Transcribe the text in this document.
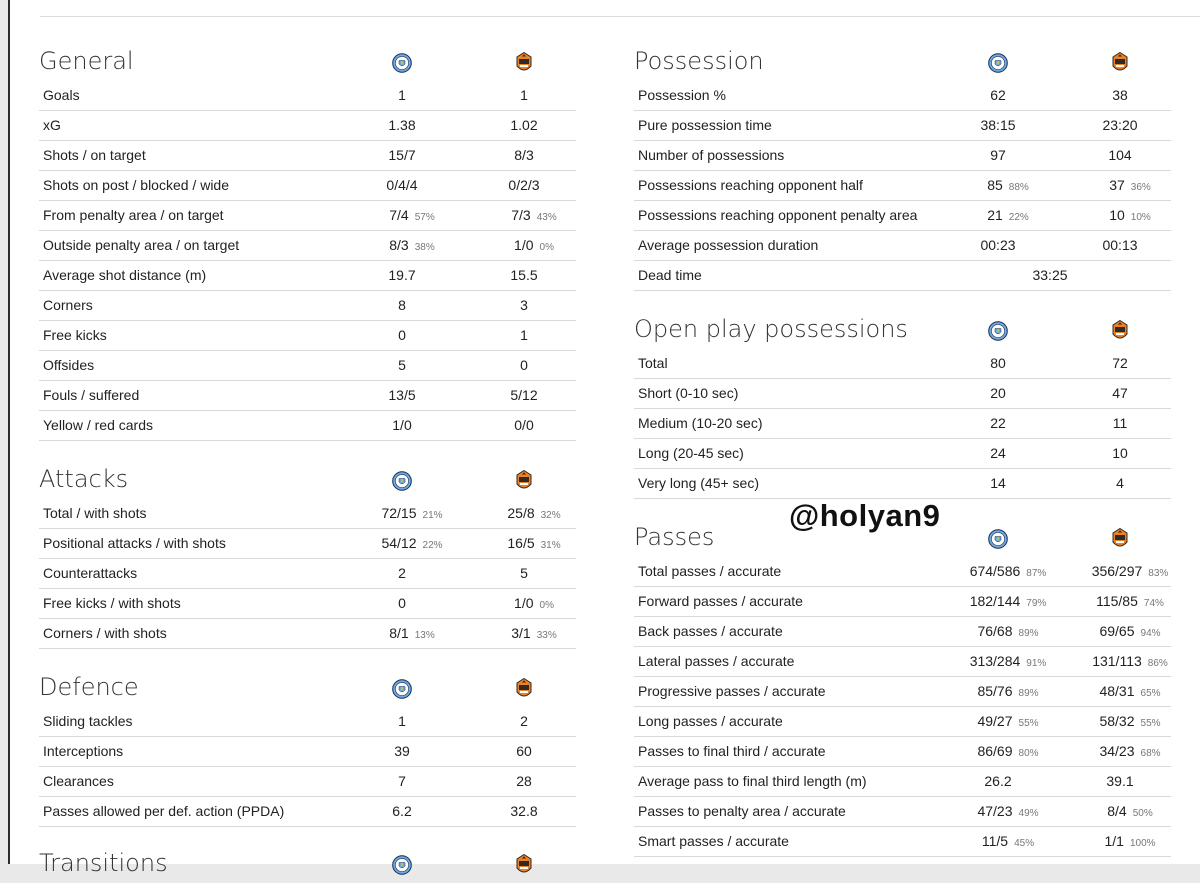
General
Goals	1	1
xG	1.38	1.02
Shots / on target	15/7	8/3
Shots on post / blocked / wide	0/4/4	0/2/3
From penalty area / on target	7/4 57%	7/3 43%
Outside penalty area / on target	8/3 38%	1/0 0%
Average shot distance (m)	19.7	15.5
Corners	8	3
Free kicks	0	1
Offsides	5	0
Fouls / suffered	13/5	5/12
Yellow / red cards	1/0	0/0
Attacks
Total / with shots	72/15 21%	25/8 32%
Positional attacks / with shots	54/12 22%	16/5 31%
Counterattacks	2	5
Free kicks / with shots	0	1/0 0%
Corners / with shots	8/1 13%	3/1 33%
Defence
Sliding tackles	1	2
Interceptions	39	60
Clearances	7	28
Passes allowed per def. action (PPDA)	6.2	32.8
Transitions
Possession
Possession %	62	38
Pure possession time	38:15	23:20
Number of possessions	97	104
Possessions reaching opponent half	85 88%	37 36%
Possessions reaching opponent penalty area	21 22%	10 10%
Average possession duration	00:23	00:13
Dead time	33:25
Open play possessions
Total	80	72
Short (0-10 sec)	20	47
Medium (10-20 sec)	22	11
Long (20-45 sec)	24	10
Very long (45+ sec)	14	4
Passes
Total passes / accurate	674/586 87%	356/297 83%
Forward passes / accurate	182/144 79%	115/85 74%
Back passes / accurate	76/68 89%	69/65 94%
Lateral passes / accurate	313/284 91%	131/113 86%
Progressive passes / accurate	85/76 89%	48/31 65%
Long passes / accurate	49/27 55%	58/32 55%
Passes to final third / accurate	86/69 80%	34/23 68%
Average pass to final third length (m)	26.2	39.1
Passes to penalty area / accurate	47/23 49%	8/4 50%
Smart passes / accurate	11/5 45%	1/1 100%
@holyan9
